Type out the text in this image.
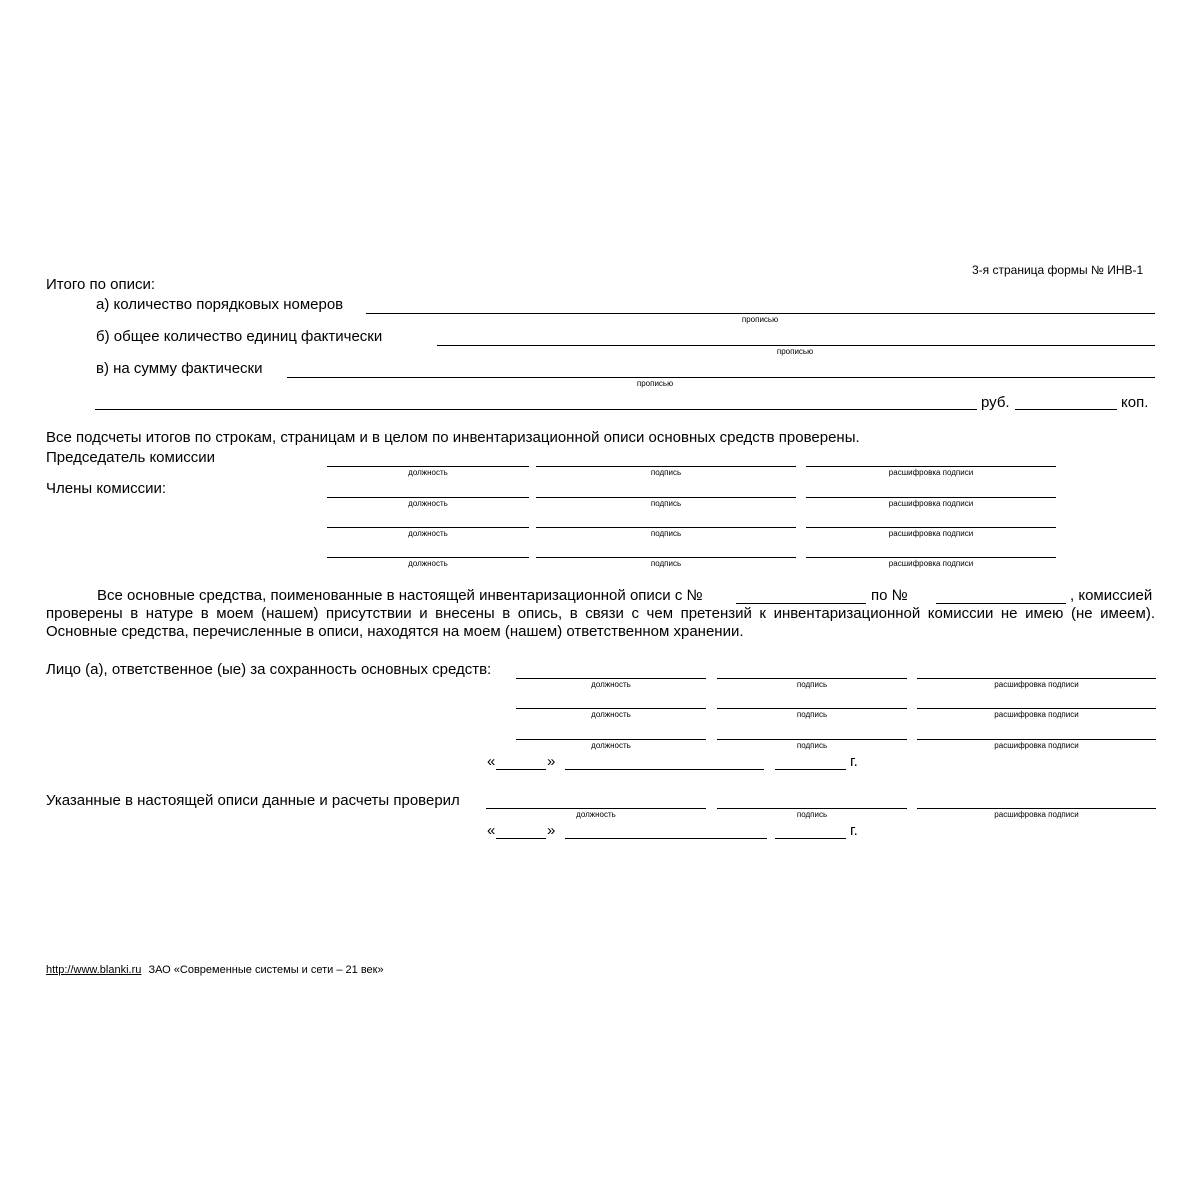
3-я страница формы № ИНВ-1
Итого по описи:
а) количество порядковых номеров
прописью
б) общее количество единиц фактически
прописью
в) на сумму фактически
прописью
руб.	коп.
Все подсчеты итогов по строкам, страницам и в целом по инвентаризационной описи основных средств проверены.
Председатель комиссии
Члены комиссии:
должность	подпись	расшифровка подписи
должность	подпись	расшифровка подписи
должность	подпись	расшифровка подписи
должность	подпись	расшифровка подписи
Все основные средства, поименованные в настоящей инвентаризационной описи с №	по №	, комиссией
проверены в натуре в моем (нашем) присутствии и внесены в опись, в связи с чем претензий к инвентаризационной комиссии не имею (не имеем).
Основные средства, перечисленные в описи, находятся на моем (нашем) ответственном хранении.
Лицо (а), ответственное (ые) за сохранность основных средств:
должность	подпись	расшифровка подписи
должность	подпись	расшифровка подписи
должность	подпись	расшифровка подписи
«	»	г.
Указанные в настоящей описи данные и расчеты проверил
должность	подпись	расшифровка подписи
«	»	г.
http://www.blanki.ru ЗАО «Современные системы и сети – 21 век»
